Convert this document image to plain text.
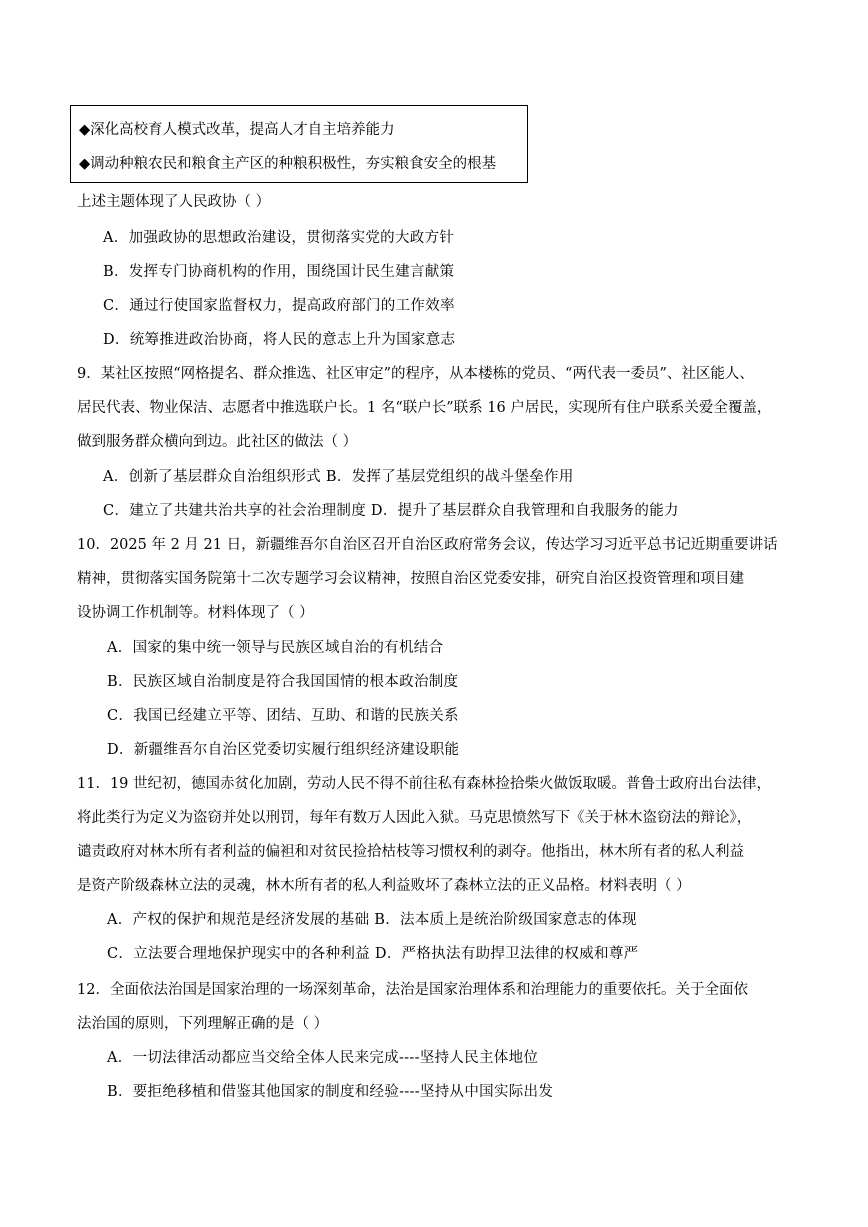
◆深化高校育人模式改革，提高人才自主培养能力
◆调动种粮农民和粮食主产区的种粮积极性，夯实粮食安全的根基
上述主题体现了人民政协（ ）
A．加强政协的思想政治建设，贯彻落实党的大政方针
B．发挥专门协商机构的作用，围绕国计民生建言献策
C．通过行使国家监督权力，提高政府部门的工作效率
D．统筹推进政治协商，将人民的意志上升为国家意志
9．某社区按照“网格提名、群众推选、社区审定”的程序，从本楼栋的党员、“两代表一委员”、社区能人、
居民代表、物业保洁、志愿者中推选联户长。1 名“联户长”联系 16 户居民，实现所有住户联系关爱全覆盖，
做到服务群众横向到边。此社区的做法（ ）
A．创新了基层群众自治组织形式 B．发挥了基层党组织的战斗堡垒作用
C．建立了共建共治共享的社会治理制度 D．提升了基层群众自我管理和自我服务的能力
10．2025 年 2 月 21 日，新疆维吾尔自治区召开自治区政府常务会议，传达学习习近平总书记近期重要讲话
精神，贯彻落实国务院第十二次专题学习会议精神，按照自治区党委安排，研究自治区投资管理和项目建
设协调工作机制等。材料体现了（ ）
A．国家的集中统一领导与民族区域自治的有机结合
B．民族区域自治制度是符合我国国情的根本政治制度
C．我国已经建立平等、团结、互助、和谐的民族关系
D．新疆维吾尔自治区党委切实履行组织经济建设职能
11．19 世纪初，德国赤贫化加剧，劳动人民不得不前往私有森林捡拾柴火做饭取暖。普鲁士政府出台法律，
将此类行为定义为盗窃并处以刑罚，每年有数万人因此入狱。马克思愤然写下《关于林木盗窃法的辩论》，
谴责政府对林木所有者利益的偏袒和对贫民捡拾枯枝等习惯权利的剥夺。他指出，林木所有者的私人利益
是资产阶级森林立法的灵魂，林木所有者的私人利益败坏了森林立法的正义品格。材料表明（ ）
A．产权的保护和规范是经济发展的基础 B．法本质上是统治阶级国家意志的体现
C．立法要合理地保护现实中的各种利益 D．严格执法有助捍卫法律的权威和尊严
12．全面依法治国是国家治理的一场深刻革命，法治是国家治理体系和治理能力的重要依托。关于全面依
法治国的原则，下列理解正确的是（ ）
A．一切法律活动都应当交给全体人民来完成----坚持人民主体地位
B．要拒绝移植和借鉴其他国家的制度和经验----坚持从中国实际出发
